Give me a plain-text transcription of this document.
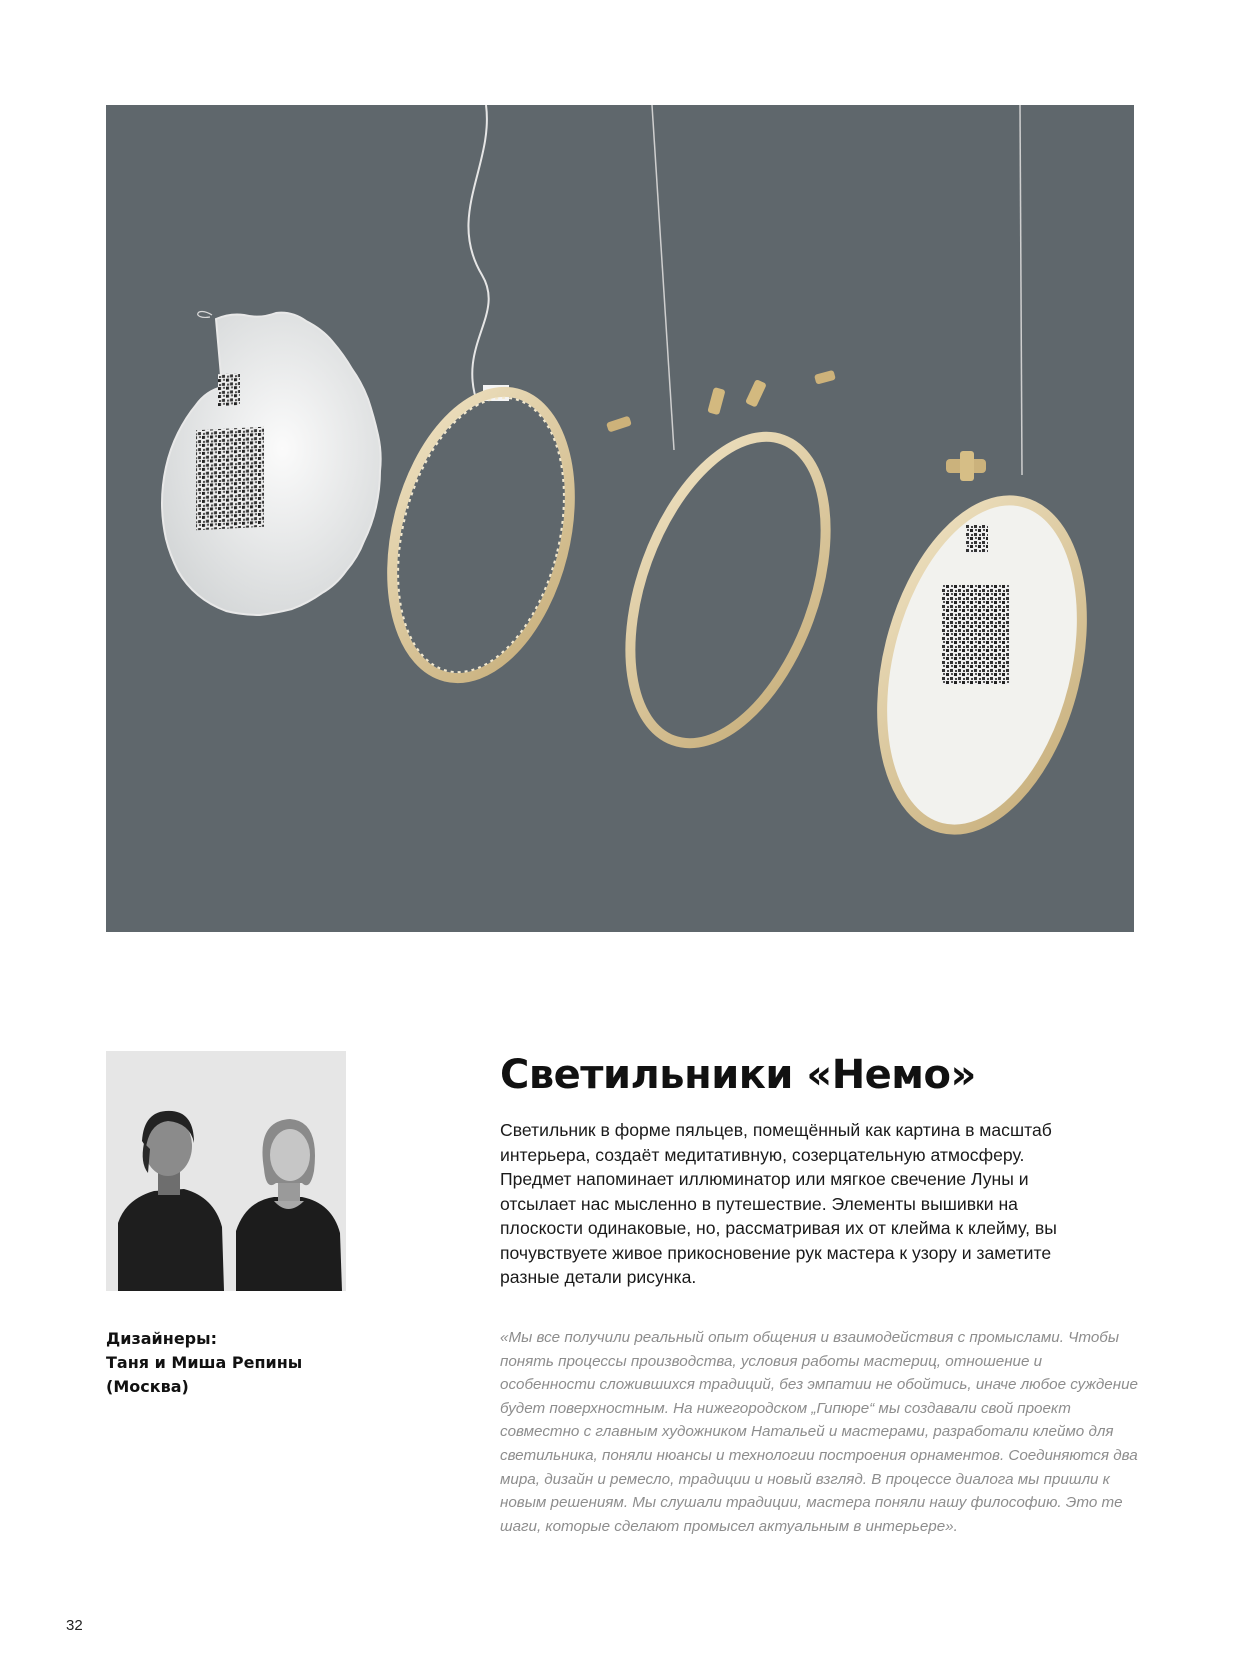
Светильники «Немо»

Светильник в форме пяльцев, помещённый как картина в масштаб интерьера, создаёт медитативную, созерцательную атмосферу. Предмет напоминает иллюминатор или мягкое свечение Луны и отсылает нас мысленно в путешествие. Элементы вышивки на плоскости одинаковые, но, рассматривая их от клейма к клейму, вы почувствуете живое прикосновение рук мастера к узору и заметите разные детали рисунка.

Дизайнеры:
Таня и Миша Репины
(Москва)

«Мы все получили реальный опыт общения и взаимодействия с промыслами. Чтобы понять процессы производства, условия работы мастериц, отношение и особенности сложившихся традиций, без эмпатии не обойтись, иначе любое суждение будет поверхностным. На нижегородском „Гипюре“ мы создавали свой проект совместно с главным художником Натальей и мастерами, разработали клеймо для светильника, поняли нюансы и технологии построения орнаментов. Соединяются два мира, дизайн и ремесло, традиции и новый взгляд. В процессе диалога мы пришли к новым решениям. Мы слушали традиции, мастера поняли нашу философию. Это те шаги, которые сделают промысел актуальным в интерьере».

32
